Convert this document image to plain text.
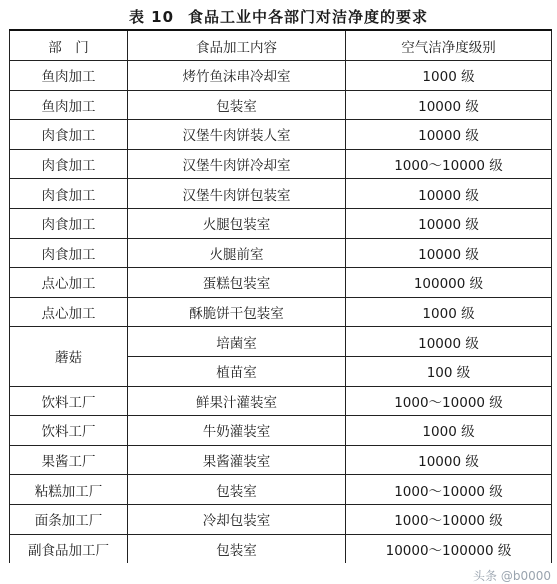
表 10 食品工业中各部门对洁净度的要求
部　门	食品加工内容	空气洁净度级别
鱼肉加工	烤竹鱼沫串冷却室	1000 级
鱼肉加工	包装室	10000 级
肉食加工	汉堡牛肉饼装人室	10000 级
肉食加工	汉堡牛肉饼冷却室	1000～10000 级
肉食加工	汉堡牛肉饼包装室	10000 级
肉食加工	火腿包装室	10000 级
肉食加工	火腿前室	10000 级
点心加工	蛋糕包装室	100000 级
点心加工	酥脆饼干包装室	1000 级
蘑菇	培菌室	10000 级
	植苗室	100 级
饮料工厂	鲜果汁灌装室	1000～10000 级
饮料工厂	牛奶灌装室	1000 级
果酱工厂	果酱灌装室	10000 级
粘糕加工厂	包装室	1000～10000 级
面条加工厂	冷却包装室	1000～10000 级
副食品加工厂	包装室	10000～100000 级
头条 @b0000
